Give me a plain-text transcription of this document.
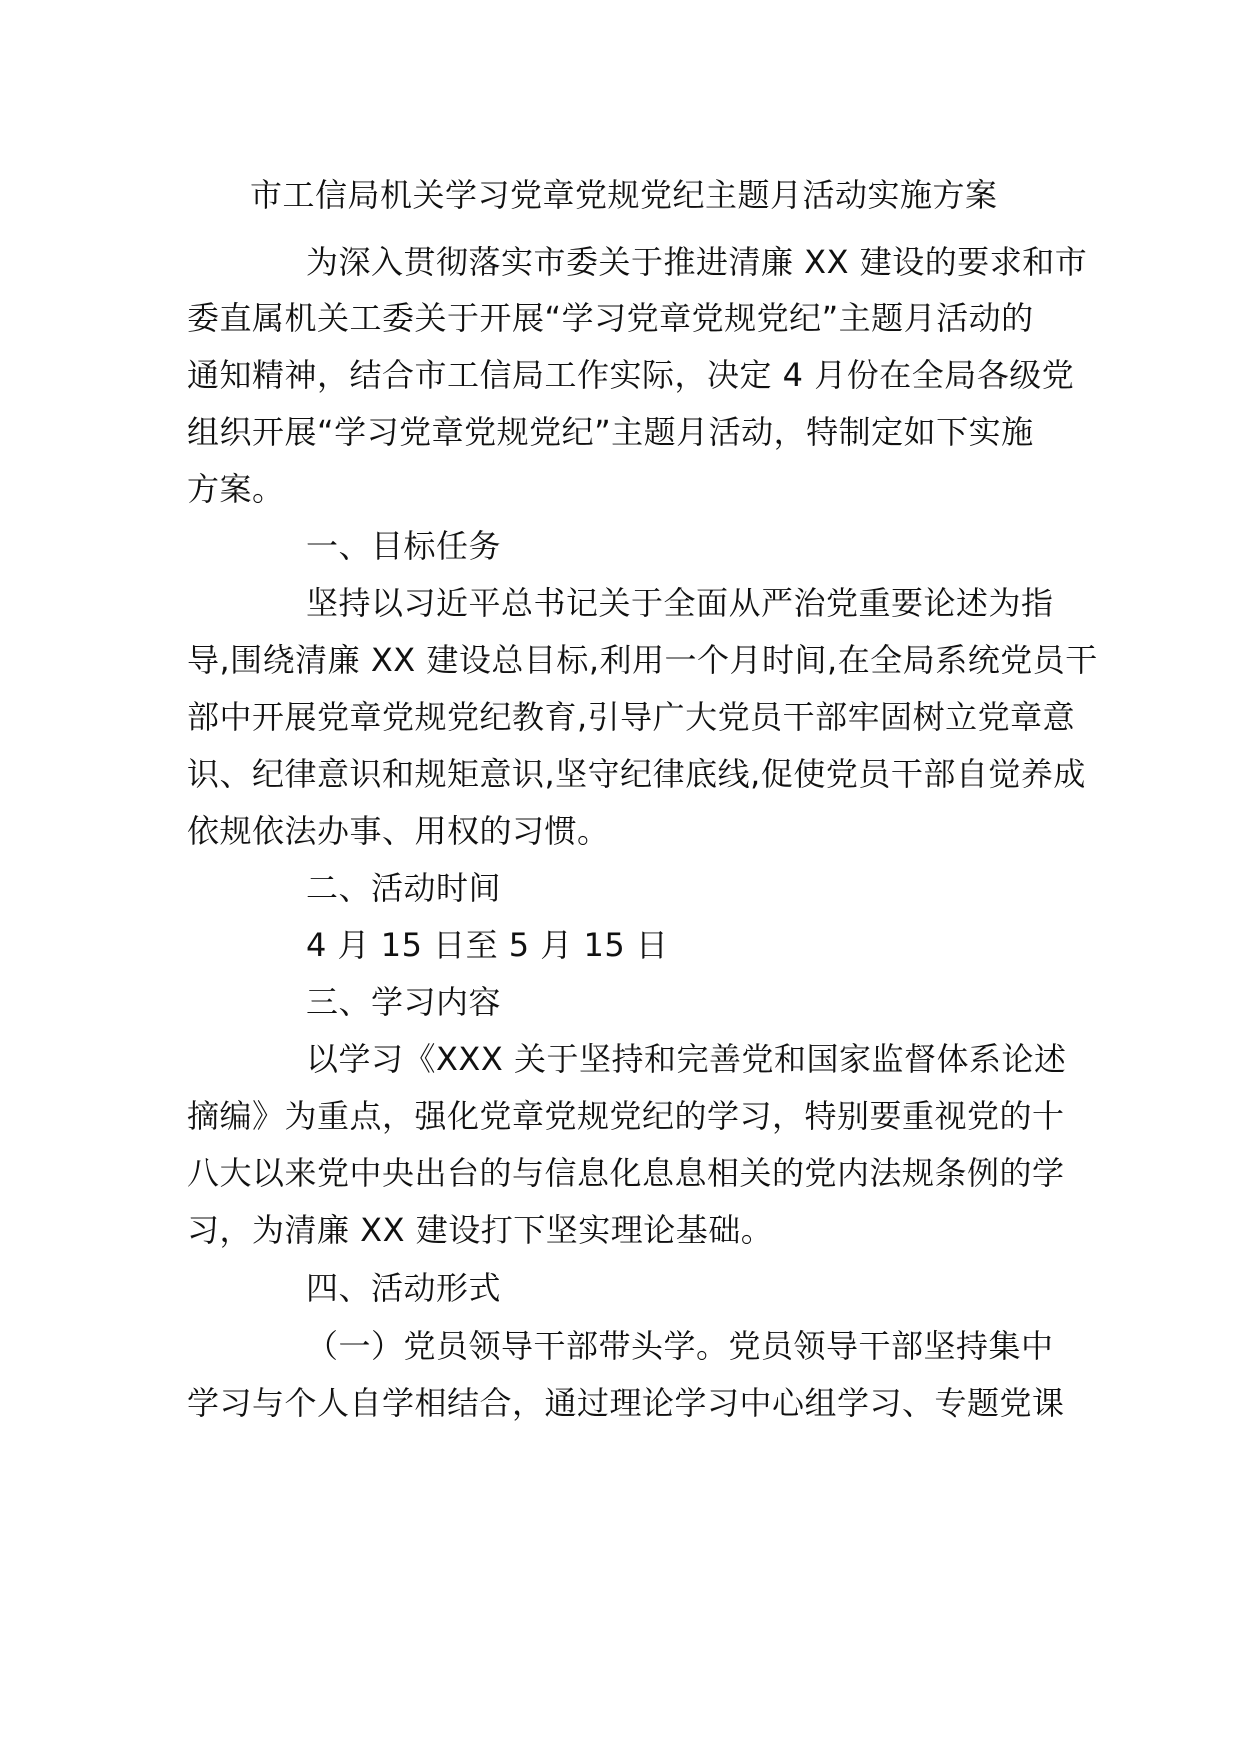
市工信局机关学习党章党规党纪主题月活动实施方案
为深入贯彻落实市委关于推进清廉 XX 建设的要求和市
委直属机关工委关于开展“学习党章党规党纪”主题月活动的
通知精神，结合市工信局工作实际，决定 4 月份在全局各级党
组织开展“学习党章党规党纪”主题月活动，特制定如下实施
方案。
一、目标任务
坚持以习近平总书记关于全面从严治党重要论述为指
导,围绕清廉 XX 建设总目标,利用一个月时间,在全局系统党员干
部中开展党章党规党纪教育,引导广大党员干部牢固树立党章意
识、纪律意识和规矩意识,坚守纪律底线,促使党员干部自觉养成
依规依法办事、用权的习惯。
二、活动时间
4 月 15 日至 5 月 15 日
三、学习内容
以学习《XXX 关于坚持和完善党和国家监督体系论述
摘编》为重点，强化党章党规党纪的学习，特别要重视党的十
八大以来党中央出台的与信息化息息相关的党内法规条例的学
习，为清廉 XX 建设打下坚实理论基础。
四、活动形式
（一）党员领导干部带头学。党员领导干部坚持集中
学习与个人自学相结合，通过理论学习中心组学习、专题党课
